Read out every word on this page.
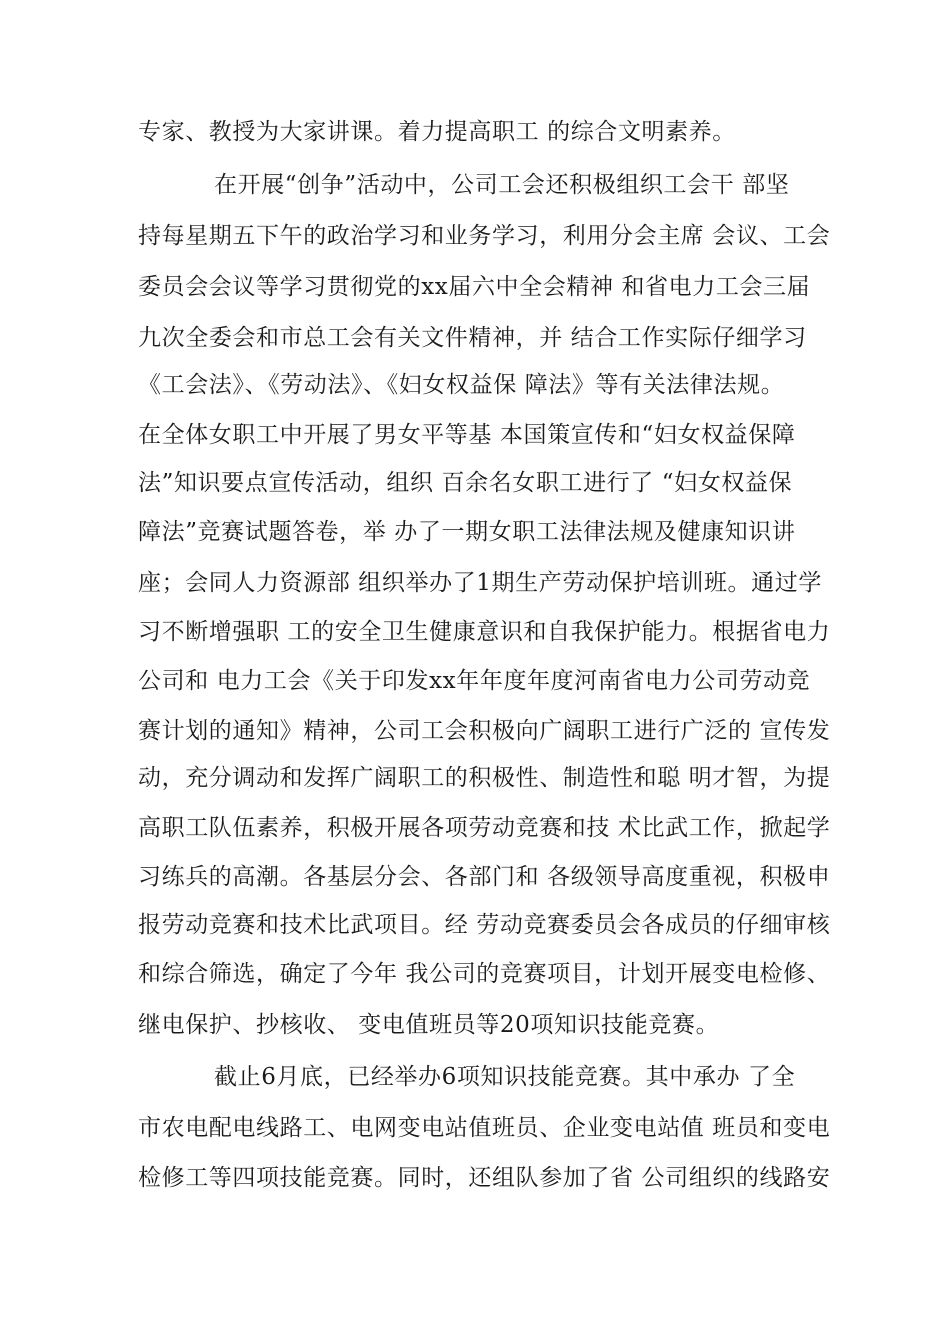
专家、教授为大家讲课。着力提高职工 的综合文明素养。
在开展“创争”活动中，公司工会还积极组织工会干 部坚
持每星期五下午的政治学习和业务学习，利用分会主席 会议、工会
委员会会议等学习贯彻党的xx届六中全会精神 和省电力工会三届
九次全委会和市总工会有关文件精神，并 结合工作实际仔细学习
《工会法》、《劳动法》、《妇女权益保 障法》等有关法律法规。
在全体女职工中开展了男女平等基 本国策宣传和“妇女权益保障
法”知识要点宣传活动，组织 百余名女职工进行了 “妇女权益保
障法”竞赛试题答卷，举 办了一期女职工法律法规及健康知识讲
座；会同人力资源部 组织举办了1期生产劳动保护培训班。通过学
习不断增强职 工的安全卫生健康意识和自我保护能力。根据省电力
公司和 电力工会《关于印发xx年年度年度河南省电力公司劳动竞
赛计划的通知》精神，公司工会积极向广阔职工进行广泛的 宣传发
动，充分调动和发挥广阔职工的积极性、制造性和聪 明才智，为提
高职工队伍素养，积极开展各项劳动竞赛和技 术比武工作，掀起学
习练兵的高潮。各基层分会、各部门和 各级领导高度重视，积极申
报劳动竞赛和技术比武项目。经 劳动竞赛委员会各成员的仔细审核
和综合筛选，确定了今年 我公司的竞赛项目，计划开展变电检修、
继电保护、抄核收、 变电值班员等20项知识技能竞赛。
截止6月底，已经举办6项知识技能竞赛。其中承办 了全
市农电配电线路工、电网变电站值班员、企业变电站值 班员和变电
检修工等四项技能竞赛。同时，还组队参加了省 公司组织的线路安
